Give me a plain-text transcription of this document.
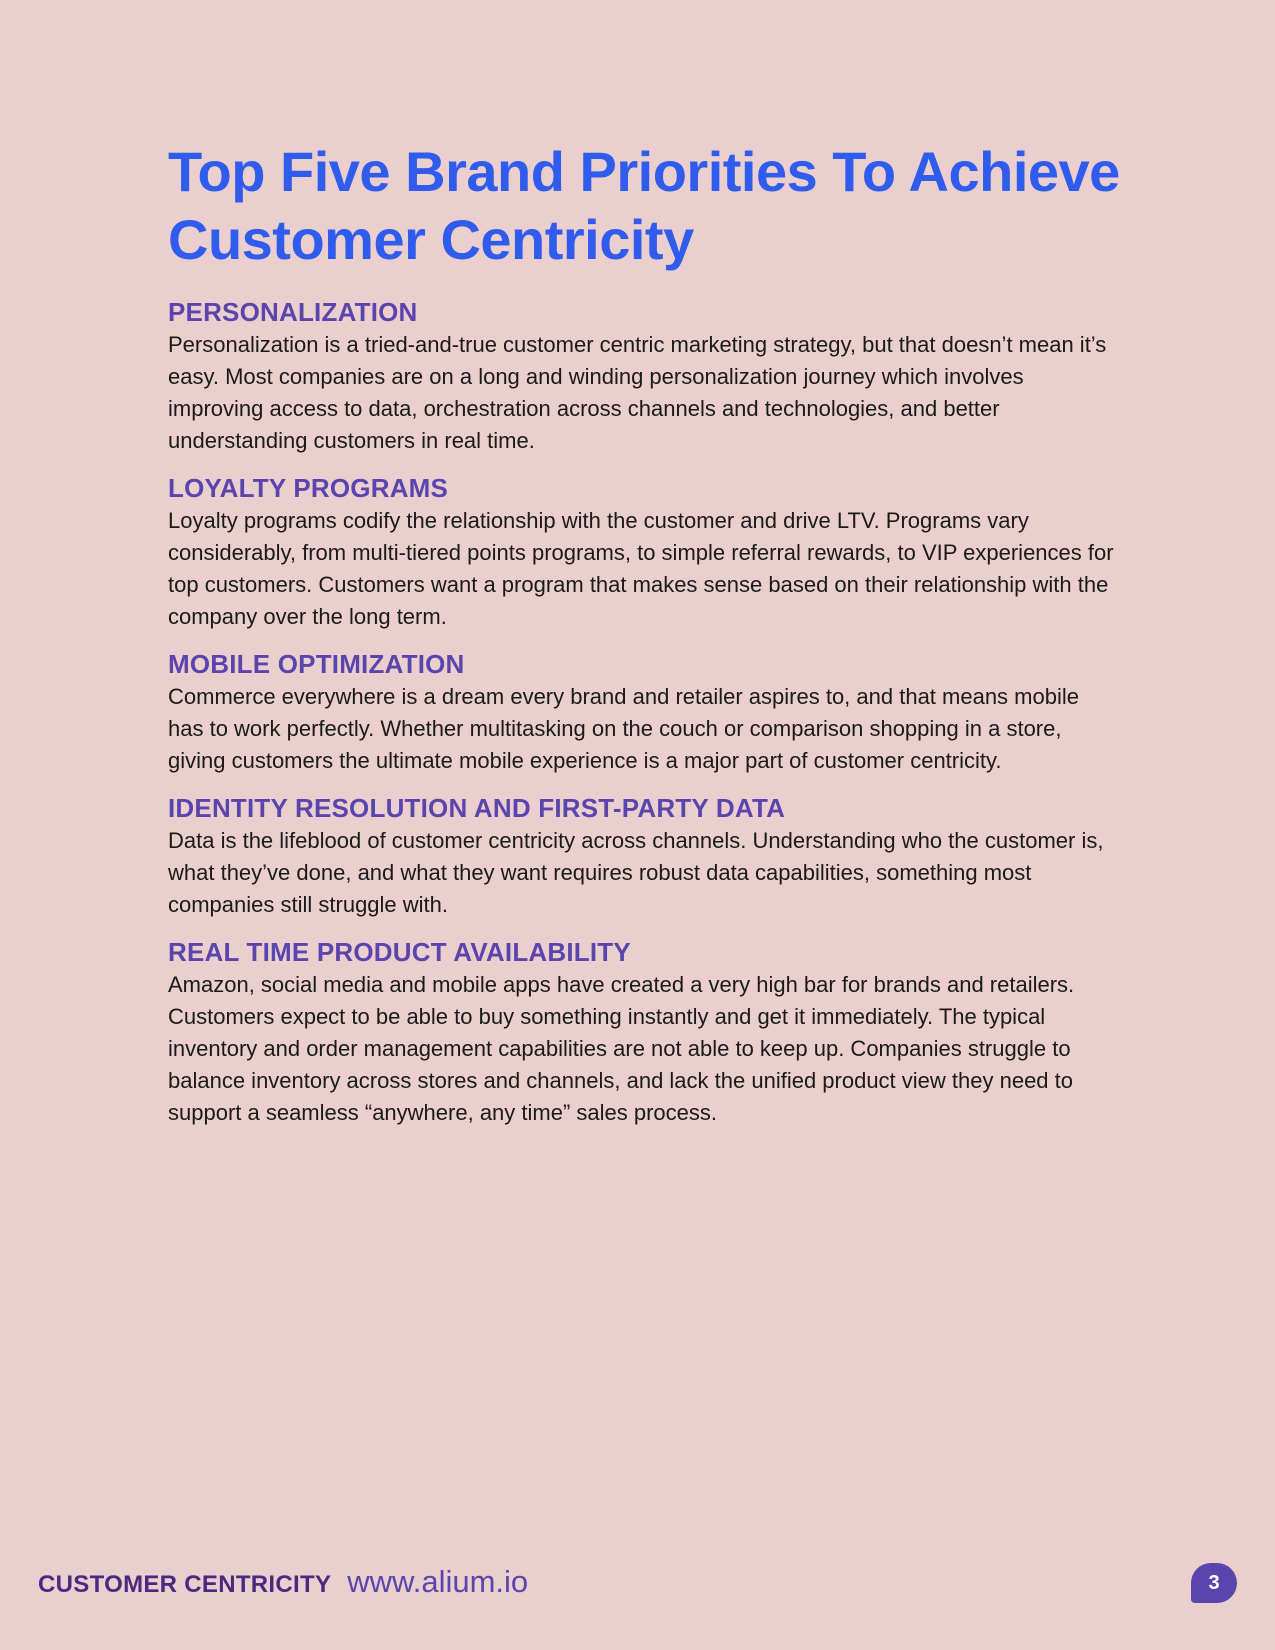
Top Five Brand Priorities To Achieve Customer Centricity
PERSONALIZATION

Personalization is a tried-and-true customer centric marketing strategy, but that doesn’t mean it’s easy. Most companies are on a long and winding personalization journey which involves improving access to data, orchestration across channels and technologies, and better understanding customers in real time.

LOYALTY PROGRAMS

Loyalty programs codify the relationship with the customer and drive LTV. Programs vary considerably, from multi-tiered points programs, to simple referral rewards, to VIP experiences for top customers. Customers want a program that makes sense based on their relationship with the company over the long term.

MOBILE OPTIMIZATION

Commerce everywhere is a dream every brand and retailer aspires to, and that means mobile has to work perfectly. Whether multitasking on the couch or comparison shopping in a store, giving customers the ultimate mobile experience is a major part of customer centricity.

IDENTITY RESOLUTION AND FIRST-PARTY DATA

Data is the lifeblood of customer centricity across channels. Understanding who the customer is, what they’ve done, and what they want requires robust data capabilities, something most companies still struggle with.

REAL TIME PRODUCT AVAILABILITY

Amazon, social media and mobile apps have created a very high bar for brands and retailers. Customers expect to be able to buy something instantly and get it immediately. The typical inventory and order management capabilities are not able to keep up. Companies struggle to balance inventory across stores and channels, and lack the unified product view they need to support a seamless “anywhere, any time” sales process.

CUSTOMER CENTRICITY www.alium.io	3
